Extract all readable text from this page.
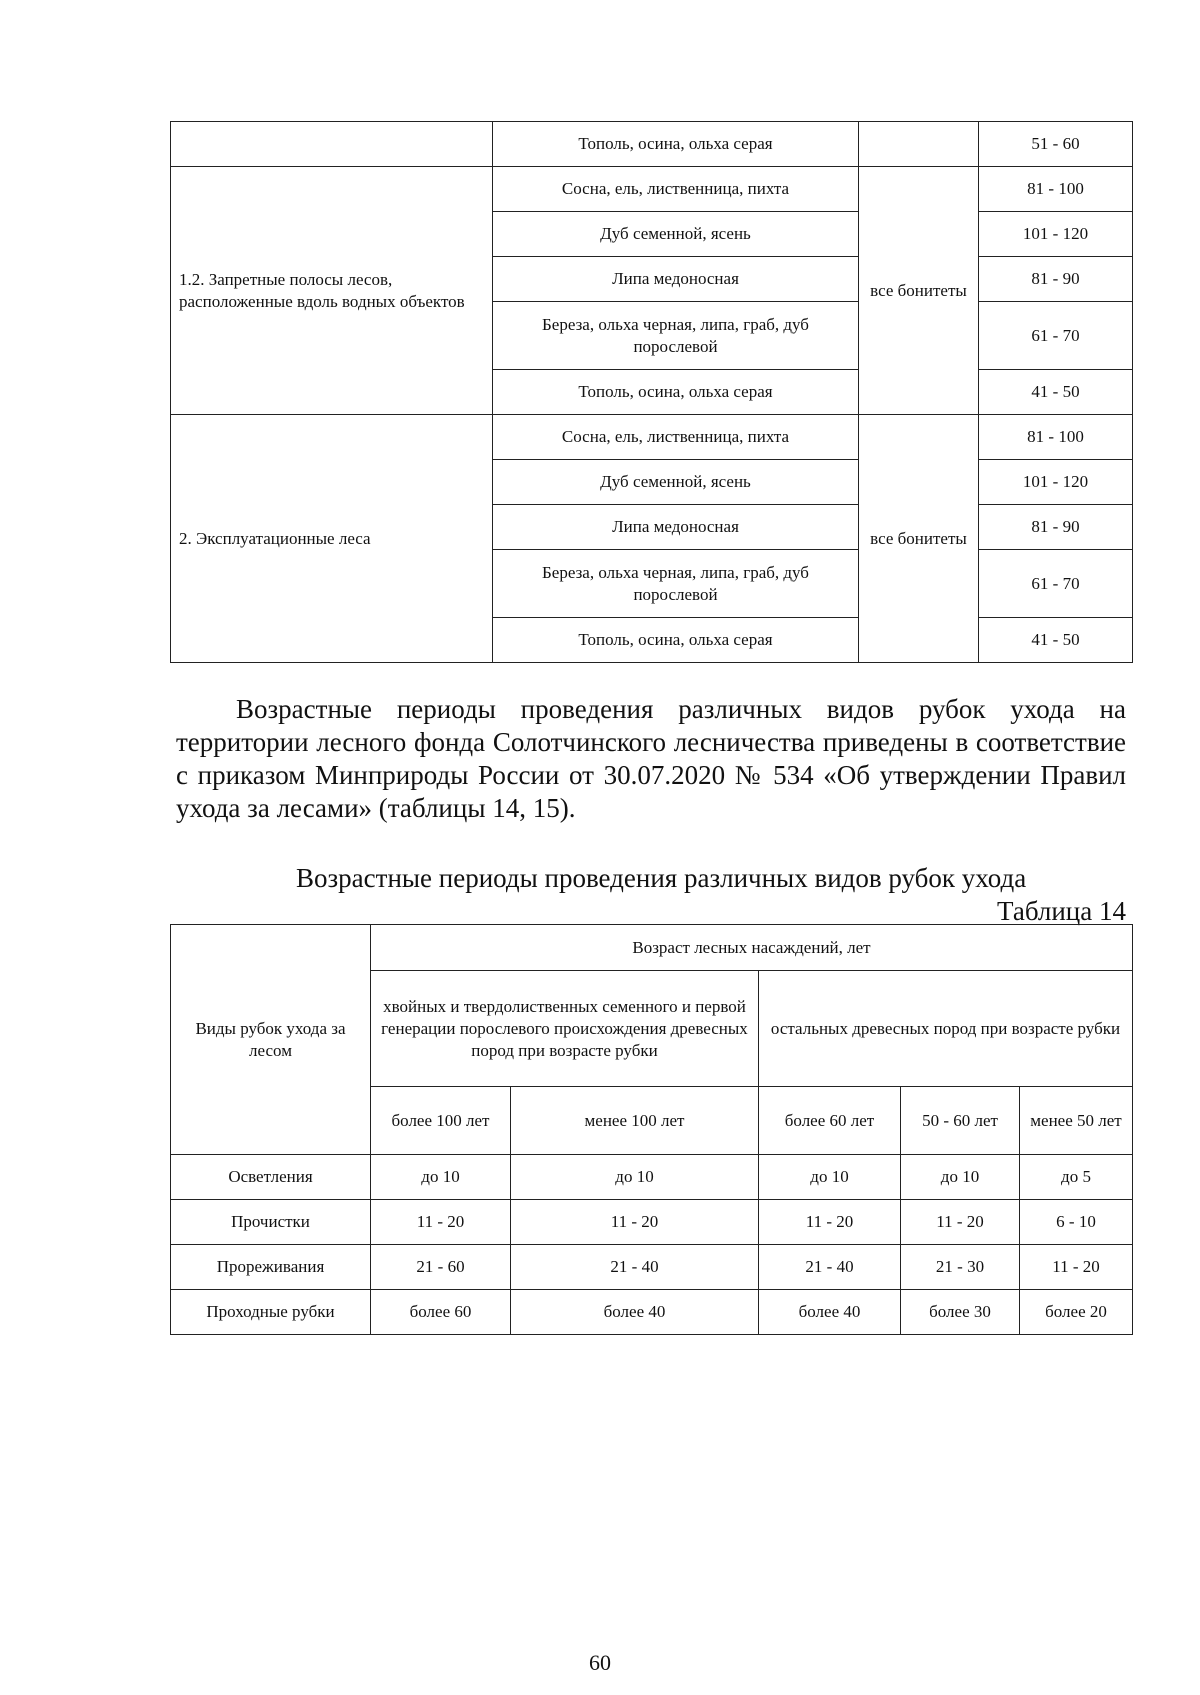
	Тополь, осина, ольха серая		51 - 60
1.2. Запретные полосы лесов, расположенные вдоль водных объектов	Сосна, ель, лиственница, пихта	все бонитеты	81 - 100
	Дуб семенной, ясень		101 - 120
	Липа медоносная		81 - 90
	Береза, ольха черная, липа, граб, дуб порослевой		61 - 70
	Тополь, осина, ольха серая		41 - 50
2. Эксплуатационные леса	Сосна, ель, лиственница, пихта	все бонитеты	81 - 100
	Дуб семенной, ясень		101 - 120
	Липа медоносная		81 - 90
	Береза, ольха черная, липа, граб, дуб порослевой		61 - 70
	Тополь, осина, ольха серая		41 - 50
Возрастные периоды проведения различных видов рубок ухода на территории лесного фонда Солотчинского лесничества приведены в соответствие с приказом Минприроды России от 30.07.2020 № 534 «Об утверждении Правил ухода за лесами» (таблицы 14, 15).
Возрастные периоды проведения различных видов рубок ухода
Таблица 14
Виды рубок ухода за лесом	Возраст лесных насаждений, лет				
	хвойных и твердолиственных семенного и первой генерации порослевого происхождения древесных пород при возрасте рубки		остальных древесных пород при возрасте рубки		
	более 100 лет	менее 100 лет	более 60 лет	50 - 60 лет	менее 50 лет
Осветления	до 10	до 10	до 10	до 10	до 5
Прочистки	11 - 20	11 - 20	11 - 20	11 - 20	6 - 10
Прореживания	21 - 60	21 - 40	21 - 40	21 - 30	11 - 20
Проходные рубки	более 60	более 40	более 40	более 30	более 20
60
